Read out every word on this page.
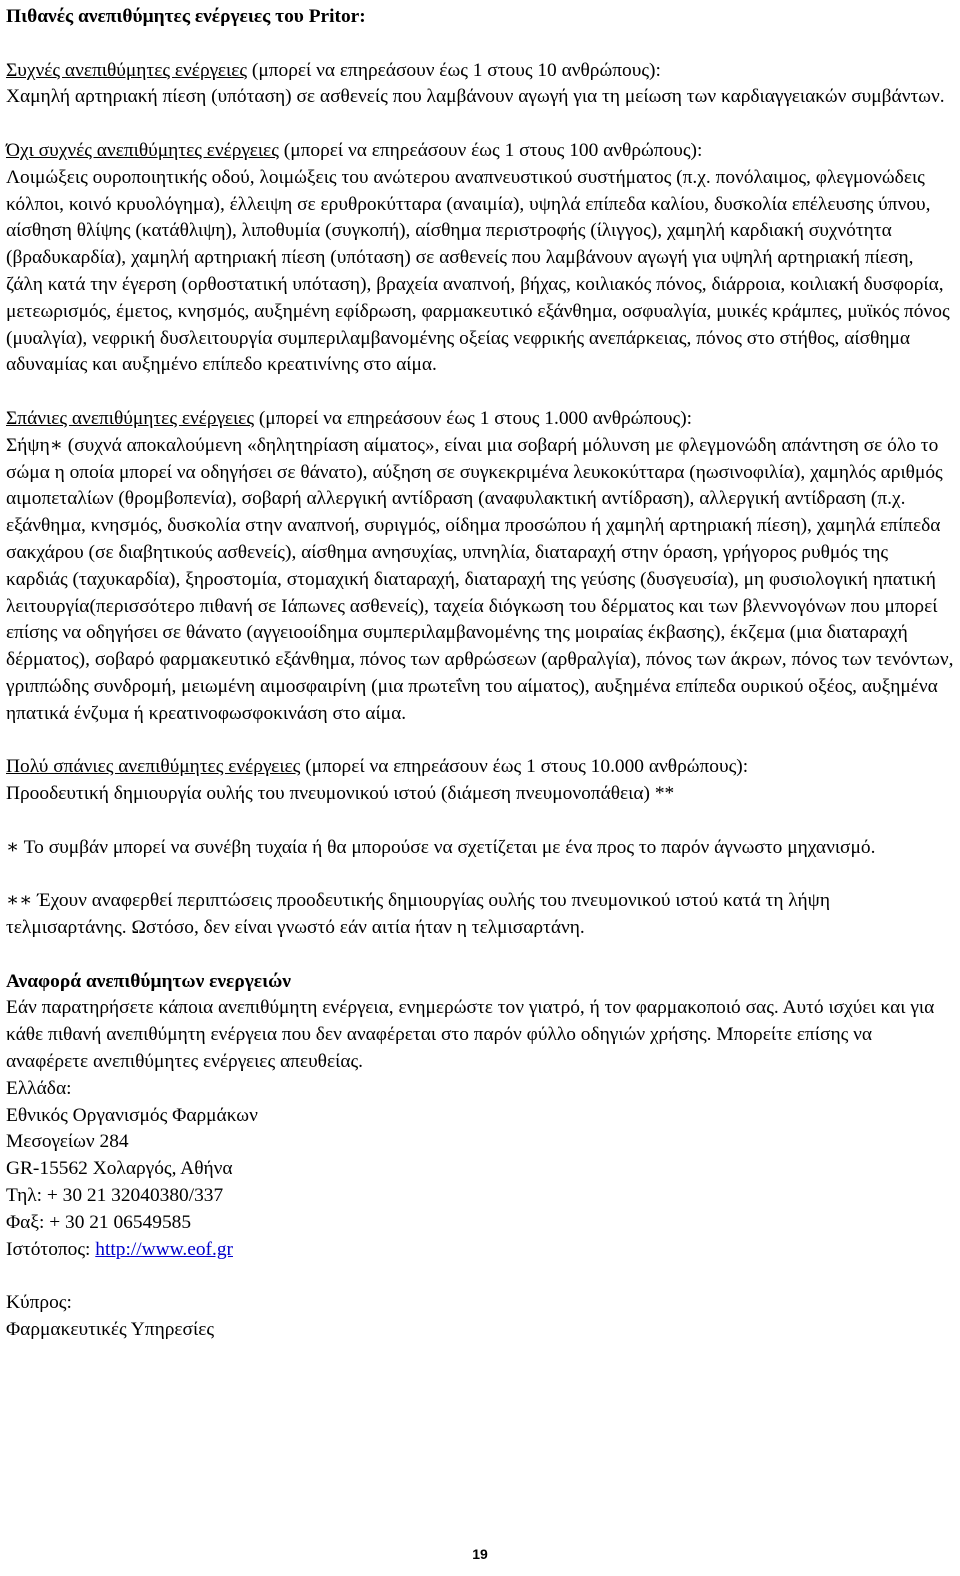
Πιθανές ανεπιθύμητες ενέργειες του Pritor:

Συχνές ανεπιθύμητες ενέργειες (μπορεί να επηρεάσουν έως 1 στους 10 ανθρώπους):

Χαμηλή αρτηριακή πίεση (υπόταση) σε ασθενείς που λαμβάνουν αγωγή για τη μείωση των καρδιαγγειακών συμβάντων.

Όχι συχνές ανεπιθύμητες ενέργειες (μπορεί να επηρεάσουν έως 1 στους 100 ανθρώπους):

Λοιμώξεις ουροποιητικής οδού, λοιμώξεις του ανώτερου αναπνευστικού συστήματος (π.χ. πονόλαιμος, φλεγμονώδεις κόλποι, κοινό κρυολόγημα), έλλειψη σε ερυθροκύτταρα (αναιμία), υψηλά επίπεδα καλίου, δυσκολία επέλευσης ύπνου, αίσθηση θλίψης (κατάθλιψη), λιποθυμία (συγκοπή), αίσθημα περιστροφής (ίλιγγος), χαμηλή καρδιακή συχνότητα (βραδυκαρδία), χαμηλή αρτηριακή πίεση (υπόταση) σε ασθενείς που λαμβάνουν αγωγή για υψηλή αρτηριακή πίεση, ζάλη κατά την έγερση (ορθοστατική υπόταση), βραχεία αναπνοή, βήχας, κοιλιακός πόνος, διάρροια, κοιλιακή δυσφορία, μετεωρισμός, έμετος, κνησμός, αυξημένη εφίδρωση, φαρμακευτικό εξάνθημα, οσφυαλγία, μυικές κράμπες, μυϊκός πόνος (μυαλγία), νεφρική δυσλειτουργία συμπεριλαμβανομένης οξείας νεφρικής ανεπάρκειας, πόνος στο στήθος, αίσθημα αδυναμίας και αυξημένο επίπεδο κρεατινίνης στο αίμα.

Σπάνιες ανεπιθύμητες ενέργειες (μπορεί να επηρεάσουν έως 1 στους 1.000 ανθρώπους):

Σήψη∗ (συχνά αποκαλούμενη «δηλητηρίαση αίματος», είναι μια σοβαρή μόλυνση με φλεγμονώδη απάντηση σε όλο το σώμα η οποία μπορεί να οδηγήσει σε θάνατο), αύξηση σε συγκεκριμένα λευκοκύτταρα (ηωσινοφιλία), χαμηλός αριθμός αιμοπεταλίων (θρομβοπενία), σοβαρή αλλεργική αντίδραση (αναφυλακτική αντίδραση), αλλεργική αντίδραση (π.χ. εξάνθημα, κνησμός, δυσκολία στην αναπνοή, συριγμός, οίδημα προσώπου ή χαμηλή αρτηριακή πίεση), χαμηλά επίπεδα σακχάρου (σε διαβητικούς ασθενείς), αίσθημα ανησυχίας, υπνηλία, διαταραχή στην όραση, γρήγορος ρυθμός της καρδιάς (ταχυκαρδία), ξηροστομία, στομαχική διαταραχή, διαταραχή της γεύσης (δυσγευσία), μη φυσιολογική ηπατική λειτουργία(περισσότερο πιθανή σε Ιάπωνες ασθενείς), ταχεία διόγκωση του δέρματος και των βλεννογόνων που μπορεί επίσης να οδηγήσει σε θάνατο (αγγειοοίδημα συμπεριλαμβανομένης της μοιραίας έκβασης), έκζεμα (μια διαταραχή δέρματος), σοβαρό φαρμακευτικό εξάνθημα, πόνος των αρθρώσεων (αρθραλγία), πόνος των άκρων, πόνος των τενόντων, γριππώδης συνδρομή, μειωμένη αιμοσφαιρίνη (μια πρωτεΐνη του αίματος), αυξημένα επίπεδα ουρικού οξέος, αυξημένα ηπατικά ένζυμα ή κρεατινοφωσφοκινάση στο αίμα.

Πολύ σπάνιες ανεπιθύμητες ενέργειες (μπορεί να επηρεάσουν έως 1 στους 10.000 ανθρώπους):

Προοδευτική δημιουργία ουλής του πνευμονικού ιστού (διάμεση πνευμονοπάθεια) **

∗ Το συμβάν μπορεί να συνέβη τυχαία ή θα μπορούσε να σχετίζεται με ένα προς το παρόν άγνωστο μηχανισμό.

∗∗ Έχουν αναφερθεί περιπτώσεις προοδευτικής δημιουργίας ουλής του πνευμονικού ιστού κατά τη λήψη τελμισαρτάνης. Ωστόσο, δεν είναι γνωστό εάν αιτία ήταν η τελμισαρτάνη.

Αναφορά ανεπιθύμητων ενεργειών

Εάν παρατηρήσετε κάποια ανεπιθύμητη ενέργεια, ενημερώστε τον γιατρό, ή τον φαρμακοποιό σας. Αυτό ισχύει και για κάθε πιθανή ανεπιθύμητη ενέργεια που δεν αναφέρεται στο παρόν φύλλο οδηγιών χρήσης. Μπορείτε επίσης να αναφέρετε ανεπιθύμητες ενέργειες απευθείας.

Ελλάδα:

Εθνικός Οργανισμός Φαρμάκων

Μεσογείων 284

GR-15562 Χολαργός, Αθήνα

Τηλ: + 30 21 32040380/337

Φαξ: + 30 21 06549585

Ιστότοπος: http://www.eof.gr

Κύπρος:

Φαρμακευτικές Υπηρεσίες

19
